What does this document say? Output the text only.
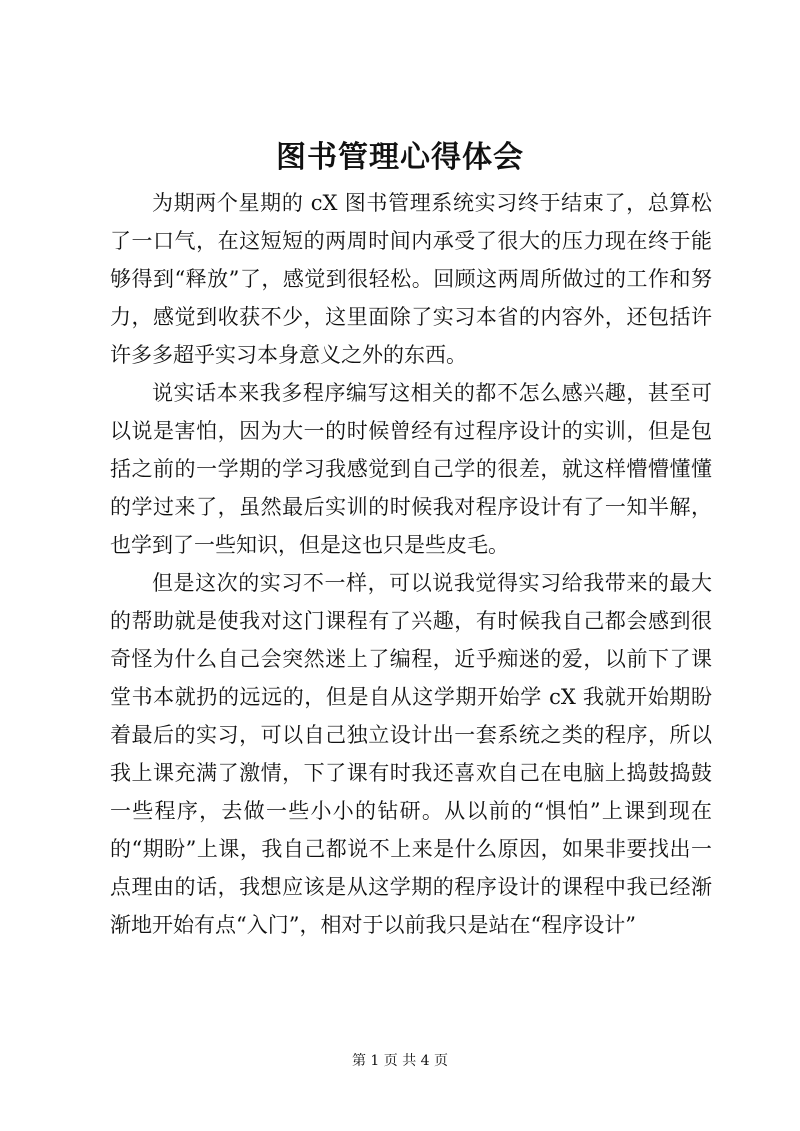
图书管理心得体会

为期两个星期的 cX 图书管理系统实习终于结束了，总算松了一口气，在这短短的两周时间内承受了很大的压力现在终于能够得到“释放”了，感觉到很轻松。回顾这两周所做过的工作和努力，感觉到收获不少，这里面除了实习本省的内容外，还包括许许多多超乎实习本身意义之外的东西。

说实话本来我多程序编写这相关的都不怎么感兴趣，甚至可以说是害怕，因为大一的时候曾经有过程序设计的实训，但是包括之前的一学期的学习我感觉到自己学的很差，就这样懵懵懂懂的学过来了，虽然最后实训的时候我对程序设计有了一知半解，也学到了一些知识，但是这也只是些皮毛。

但是这次的实习不一样，可以说我觉得实习给我带来的最大的帮助就是使我对这门课程有了兴趣，有时候我自己都会感到很奇怪为什么自己会突然迷上了编程，近乎痴迷的爱，以前下了课堂书本就扔的远远的，但是自从这学期开始学 cX 我就开始期盼着最后的实习，可以自己独立设计出一套系统之类的程序，所以我上课充满了激情，下了课有时我还喜欢自己在电脑上捣鼓捣鼓一些程序，去做一些小小的钻研。从以前的“惧怕”上课到现在的“期盼”上课，我自己都说不上来是什么原因，如果非要找出一点理由的话，我想应该是从这学期的程序设计的课程中我已经渐渐地开始有点“入门”，相对于以前我只是站在“程序设计”

第 1 页 共 4 页
